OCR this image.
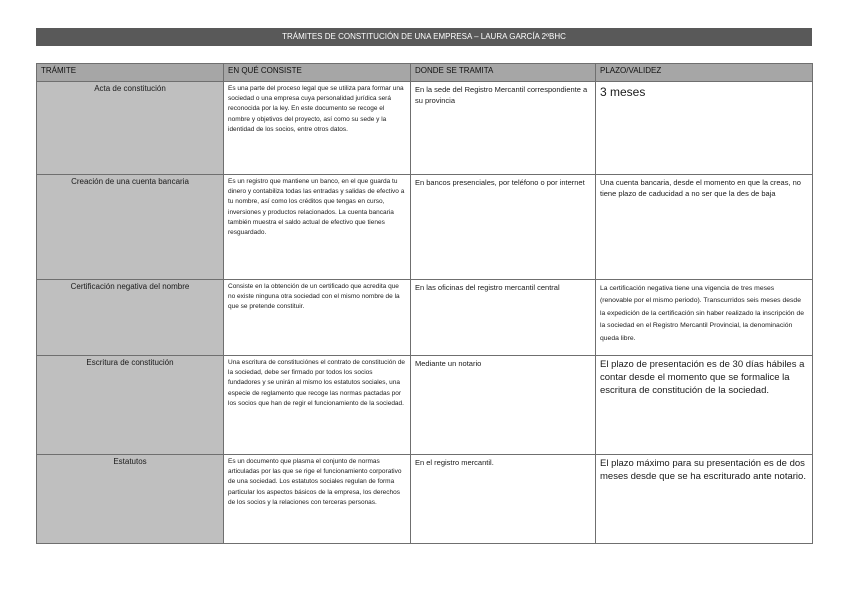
TRÁMITES DE CONSTITUCIÓN DE UNA EMPRESA – LAURA GARCÍA 2ºBHC
TRÁMITE	EN QUÉ CONSISTE	DONDE SE TRAMITA	PLAZO/VALIDEZ
Acta de constitución	Es una parte del proceso legal que se utiliza para formar una sociedad o una empresa cuya personalidad jurídica será reconocida por la ley. En este documento se recoge el nombre y objetivos del proyecto, así como su sede y la identidad de los socios, entre otros datos.	En la sede del Registro Mercantil correspondiente a su provincia	3 meses
Creación de una cuenta bancaria	Es un registro que mantiene un banco, en el que guarda tu dinero y contabiliza todas las entradas y salidas de efectivo a tu nombre, así como los créditos que tengas en curso, inversiones y productos relacionados. La cuenta bancaria también muestra el saldo actual de efectivo que tienes resguardado.	En bancos presenciales, por teléfono o por internet	Una cuenta bancaria, desde el momento en que la creas, no tiene plazo de caducidad a no ser que la des de baja
Certificación negativa del nombre	Consiste en la obtención de un certificado que acredita que no existe ninguna otra sociedad con el mismo nombre de la que se pretende constituir.	En las oficinas del registro mercantil central	La certificación negativa tiene una vigencia de tres meses (renovable por el mismo periodo). Transcurridos seis meses desde la expedición de la certificación sin haber realizado la inscripción de la sociedad en el Registro Mercantil Provincial, la denominación queda libre.
Escritura de constitución	Una escritura de constituciónes el contrato de constitución de la sociedad, debe ser firmado por todos los socios fundadores y se unirán al mismo los estatutos sociales, una especie de reglamento que recoge las normas pactadas por los socios que han de regir el funcionamiento de la sociedad.	Mediante un notario	El plazo de presentación es de 30 días hábiles a contar desde el momento que se formalice la escritura de constitución de la sociedad.
Estatutos	Es un documento que plasma el conjunto de normas articuladas por las que se rige el funcionamiento corporativo de una sociedad. Los estatutos sociales regulan de forma particular los aspectos básicos de la empresa, los derechos de los socios y la relaciones con terceras personas.	En el registro mercantil.	El plazo máximo para su presentación es de dos meses desde que se ha escriturado ante notario.
